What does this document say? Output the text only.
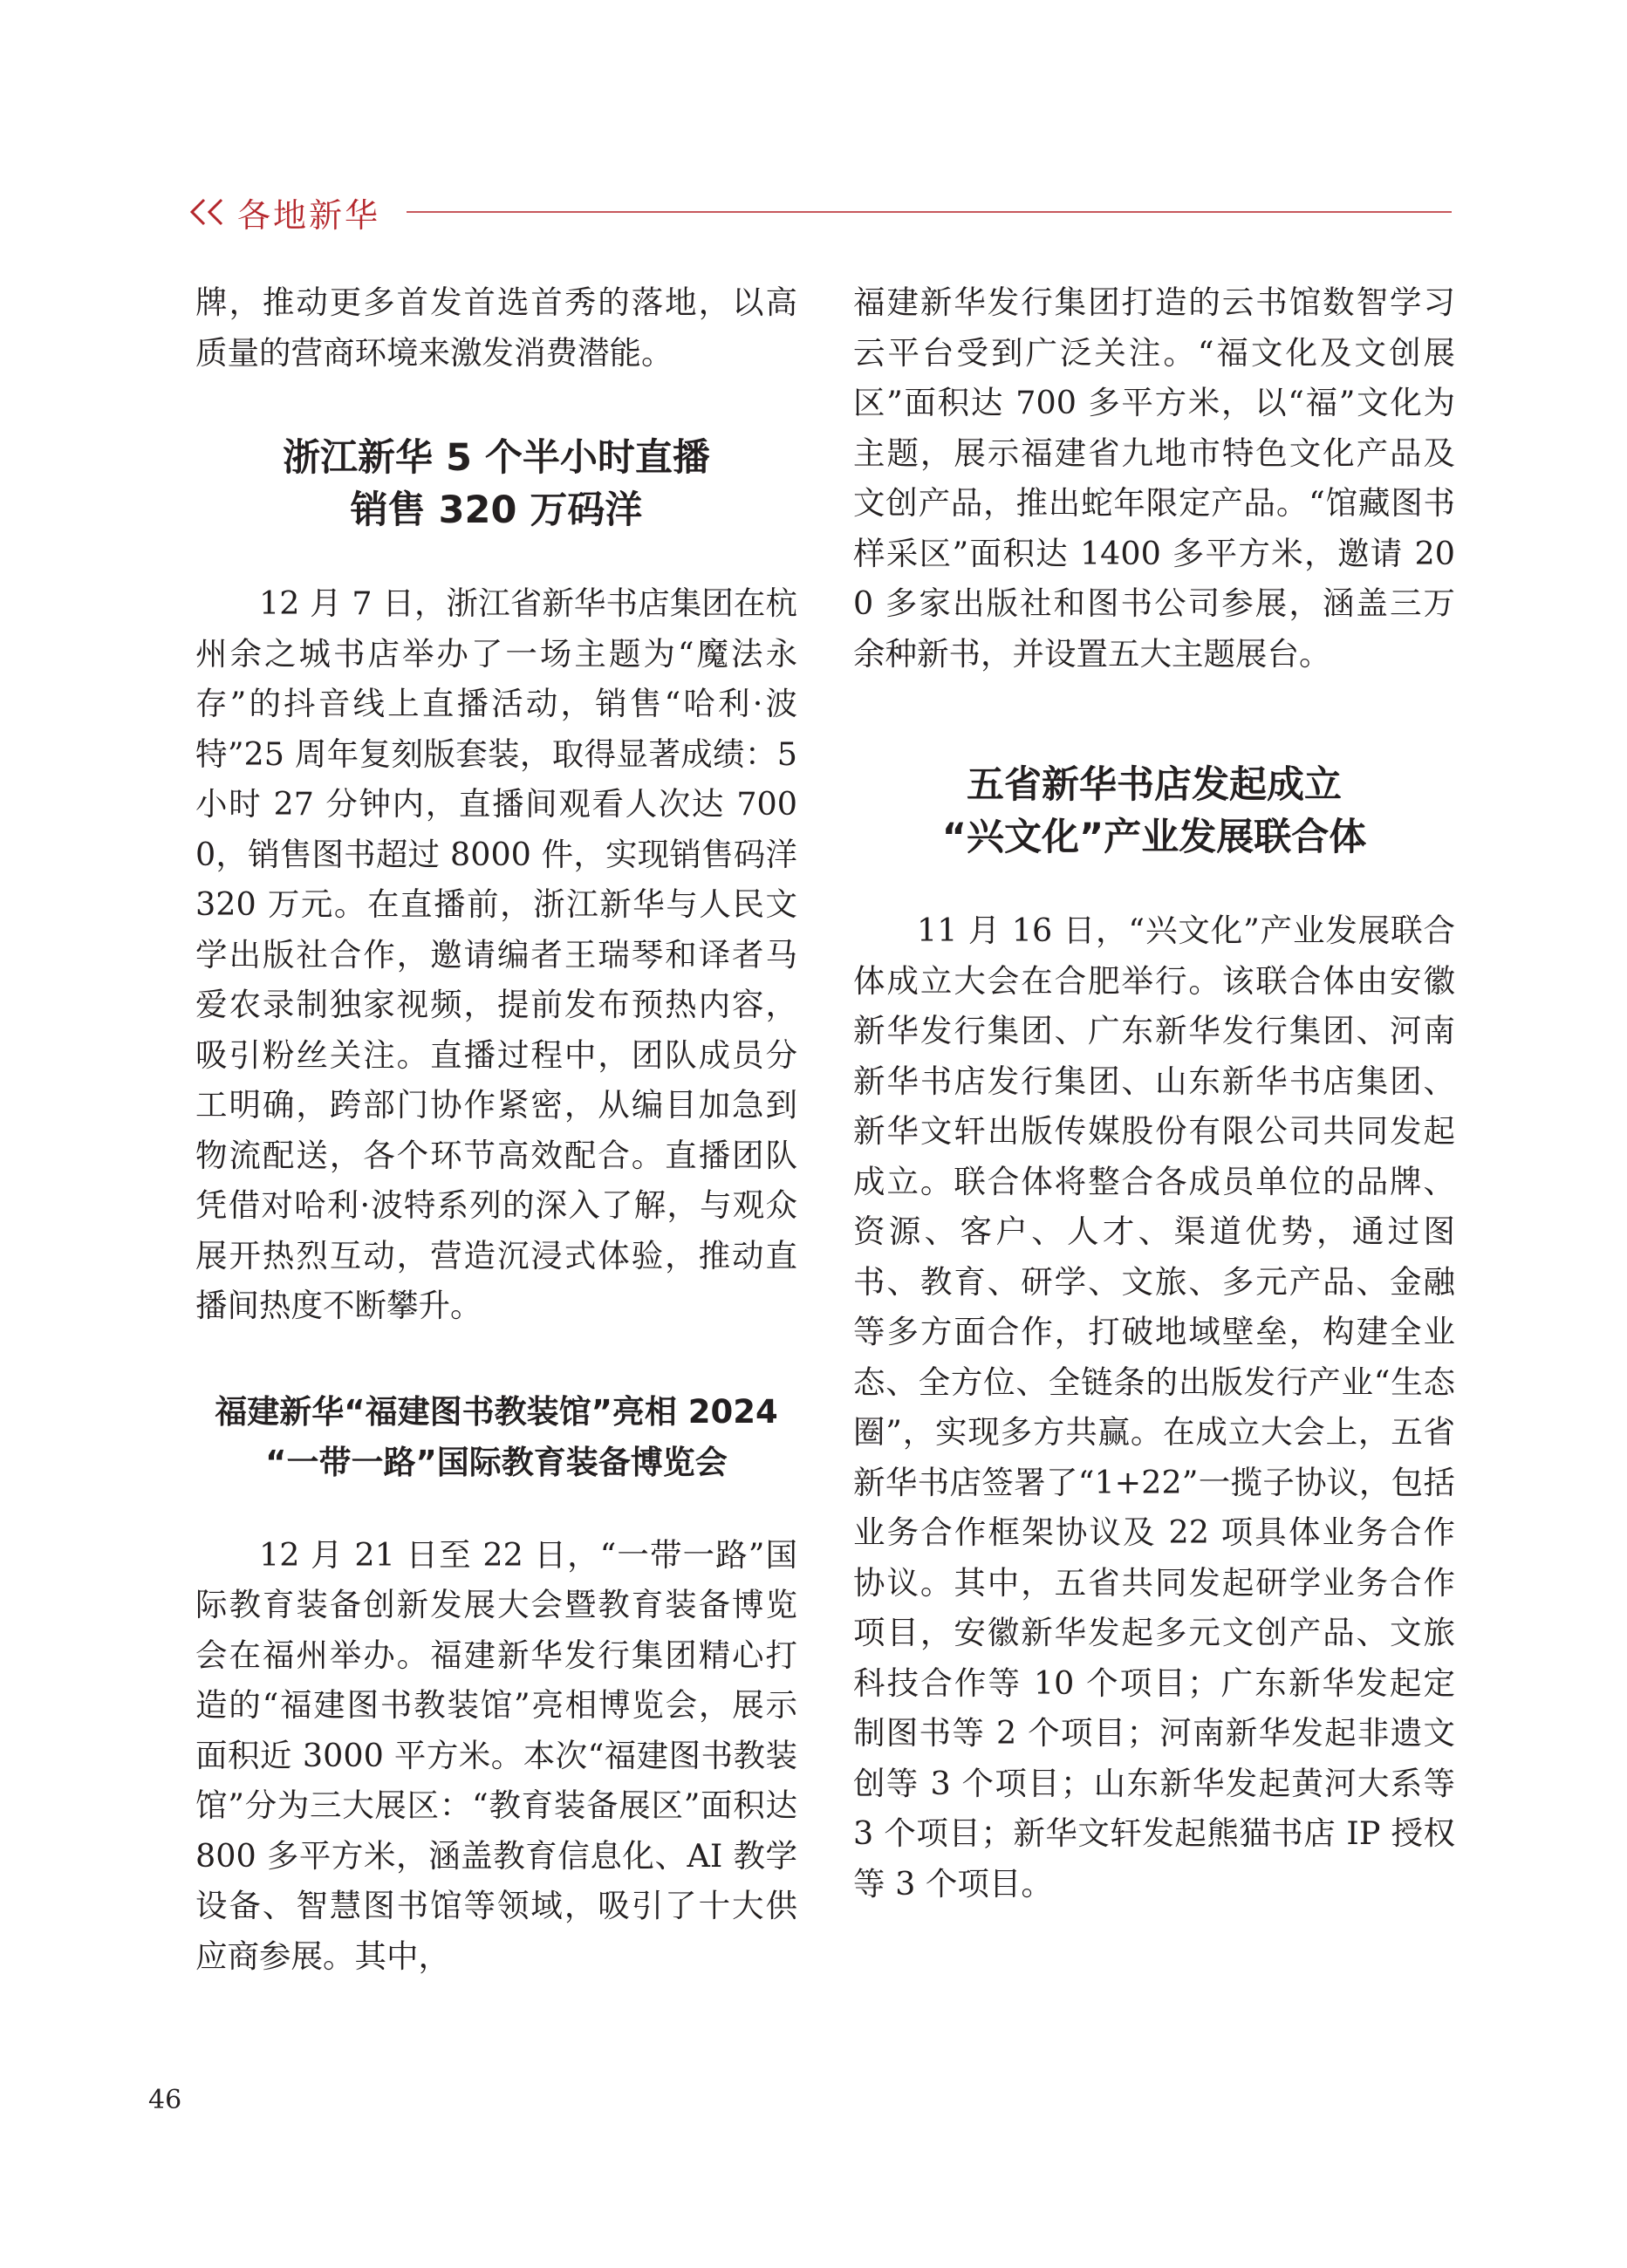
各地新华

牌，推动更多首发首选首秀的落地，以高质量的营商环境来激发消费潜能。

浙江新华 5 个半小时直播
销售 320 万码洋

12 月 7 日，浙江省新华书店集团在杭州余之城书店举办了一场主题为“魔法永存”的抖音线上直播活动，销售“哈利·波特”25 周年复刻版套装，取得显著成绩：5 小时 27 分钟内，直播间观看人次达 7000，销售图书超过 8000 件，实现销售码洋 320 万元。在直播前，浙江新华与人民文学出版社合作，邀请编者王瑞琴和译者马爱农录制独家视频，提前发布预热内容，吸引粉丝关注。直播过程中，团队成员分工明确，跨部门协作紧密，从编目加急到物流配送，各个环节高效配合。直播团队凭借对哈利·波特系列的深入了解，与观众展开热烈互动，营造沉浸式体验，推动直播间热度不断攀升。

福建新华“福建图书教装馆”亮相 2024
“一带一路”国际教育装备博览会

12 月 21 日至 22 日，“一带一路”国际教育装备创新发展大会暨教育装备博览会在福州举办。福建新华发行集团精心打造的“福建图书教装馆”亮相博览会，展示面积近 3000 平方米。本次“福建图书教装馆”分为三大展区：“教育装备展区”面积达 800 多平方米，涵盖教育信息化、AI 教学设备、智慧图书馆等领域，吸引了十大供应商参展。其中，

福建新华发行集团打造的云书馆数智学习云平台受到广泛关注。“福文化及文创展区”面积达 700 多平方米，以“福”文化为主题，展示福建省九地市特色文化产品及文创产品，推出蛇年限定产品。“馆藏图书样采区”面积达 1400 多平方米，邀请 200 多家出版社和图书公司参展，涵盖三万余种新书，并设置五大主题展台。

五省新华书店发起成立
“兴文化”产业发展联合体

11 月 16 日，“兴文化”产业发展联合体成立大会在合肥举行。该联合体由安徽新华发行集团、广东新华发行集团、河南新华书店发行集团、山东新华书店集团、新华文轩出版传媒股份有限公司共同发起成立。联合体将整合各成员单位的品牌、资源、客户、人才、渠道优势，通过图书、教育、研学、文旅、多元产品、金融等多方面合作，打破地域壁垒，构建全业态、全方位、全链条的出版发行产业“生态圈”，实现多方共赢。在成立大会上，五省新华书店签署了“1+22”一揽子协议，包括业务合作框架协议及 22 项具体业务合作协议。其中，五省共同发起研学业务合作项目，安徽新华发起多元文创产品、文旅科技合作等 10 个项目；广东新华发起定制图书等 2 个项目；河南新华发起非遗文创等 3 个项目；山东新华发起黄河大系等 3 个项目；新华文轩发起熊猫书店 IP 授权等 3 个项目。

46
